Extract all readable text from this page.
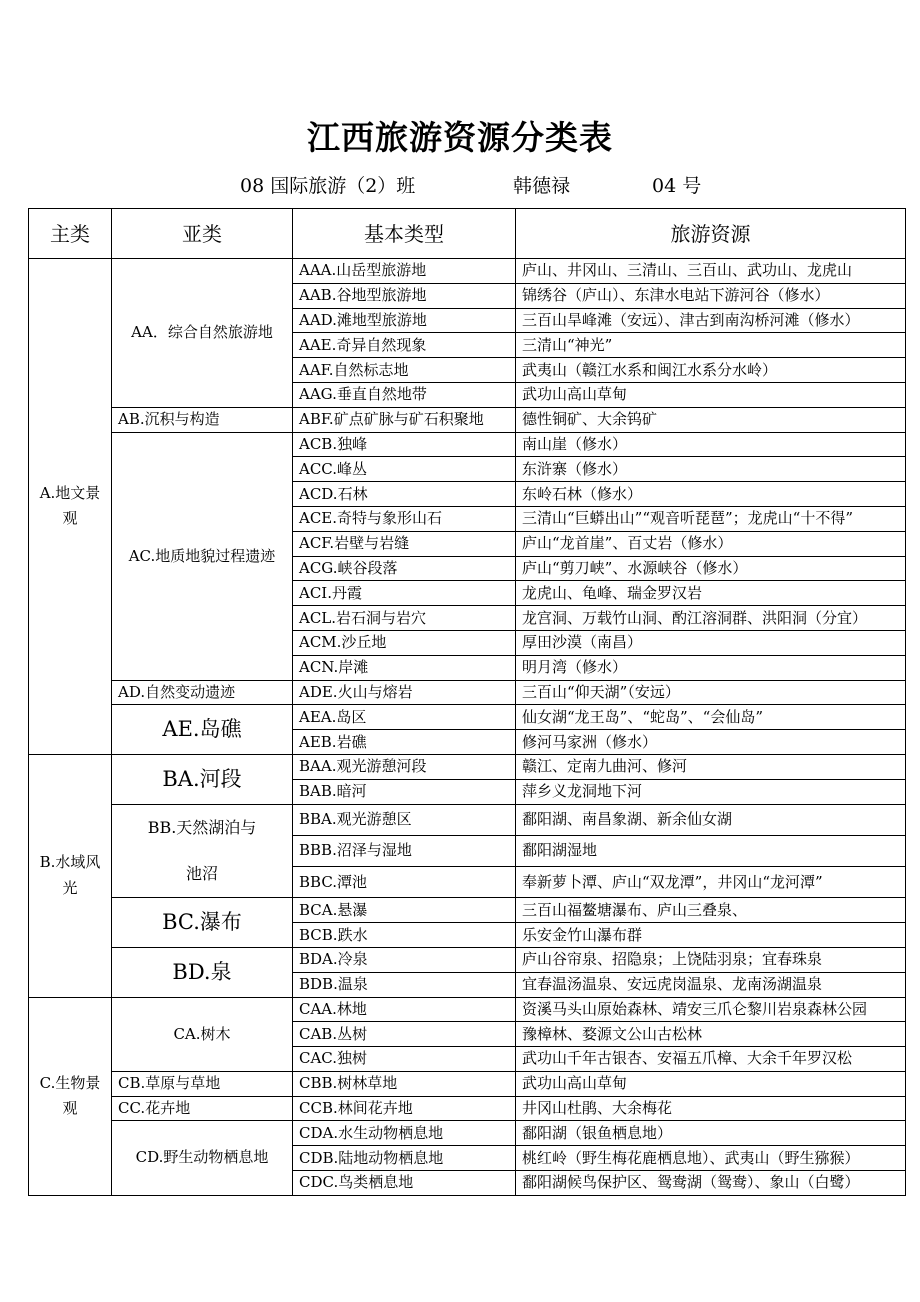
江西旅游资源分类表
08 国际旅游（2）班	韩德禄	04 号
主类	亚类	基本类型	旅游资源
A.地文景观	AA．综合自然旅游地	AAA.山岳型旅游地	庐山、井冈山、三清山、三百山、武功山、龙虎山
		AAB.谷地型旅游地	锦绣谷（庐山）、东津水电站下游河谷（修水）
		AAD.滩地型旅游地	三百山旱峰滩（安远）、津古到南沟桥河滩（修水）
		AAE.奇异自然现象	三清山“神光”
		AAF.自然标志地	武夷山（赣江水系和闽江水系分水岭）
		AAG.垂直自然地带	武功山高山草甸
	AB.沉积与构造	ABF.矿点矿脉与矿石积聚地	德性铜矿、大余钨矿
	AC.地质地貌过程遗迹	ACB.独峰	南山崖（修水）
		ACC.峰丛	东浒寨（修水）
		ACD.石林	东岭石林（修水）
		ACE.奇特与象形山石	三清山“巨蟒出山”“观音听琵琶”；龙虎山“十不得”
		ACF.岩壁与岩缝	庐山“龙首崖”、百丈岩（修水）
		ACG.峡谷段落	庐山“剪刀峡”、水源峡谷（修水）
		ACI.丹霞	龙虎山、龟峰、瑞金罗汉岩
		ACL.岩石洞与岩穴	龙宫洞、万载竹山洞、酌江溶洞群、洪阳洞（分宜）
		ACM.沙丘地	厚田沙漠（南昌）
		ACN.岸滩	明月湾（修水）
	AD.自然变动遗迹	ADE.火山与熔岩	三百山“仰天湖”（安远）
	AE.岛礁	AEA.岛区	仙女湖“龙王岛”、“蛇岛”、“会仙岛”
		AEB.岩礁	修河马家洲（修水）
B.水域风光	BA.河段	BAA.观光游憩河段	赣江、定南九曲河、修河
		BAB.暗河	萍乡义龙洞地下河
	BB.天然湖泊与池沼	BBA.观光游憩区	鄱阳湖、南昌象湖、新余仙女湖
		BBB.沼泽与湿地	鄱阳湖湿地
		BBC.潭池	奉新萝卜潭、庐山“双龙潭”，井冈山“龙河潭”
	BC.瀑布	BCA.悬瀑	三百山福鳌塘瀑布、庐山三叠泉、
		BCB.跌水	乐安金竹山瀑布群
	BD.泉	BDA.冷泉	庐山谷帘泉、招隐泉；上饶陆羽泉；宜春珠泉
		BDB.温泉	宜春温汤温泉、安远虎岗温泉、龙南汤湖温泉
C.生物景观	CA.树木	CAA.林地	资溪马头山原始森林、靖安三爪仑黎川岩泉森林公园
		CAB.丛树	豫樟林、婺源文公山古松林
		CAC.独树	武功山千年古银杏、安福五爪樟、大余千年罗汉松
	CB.草原与草地	CBB.树林草地	武功山高山草甸
	CC.花卉地	CCB.林间花卉地	井冈山杜鹃、大余梅花
	CD.野生动物栖息地	CDA.水生动物栖息地	鄱阳湖（银鱼栖息地）
		CDB.陆地动物栖息地	桃红岭（野生梅花鹿栖息地）、武夷山（野生猕猴）
		CDC.鸟类栖息地	鄱阳湖候鸟保护区、鸳鸯湖（鸳鸯）、象山（白鹭）
